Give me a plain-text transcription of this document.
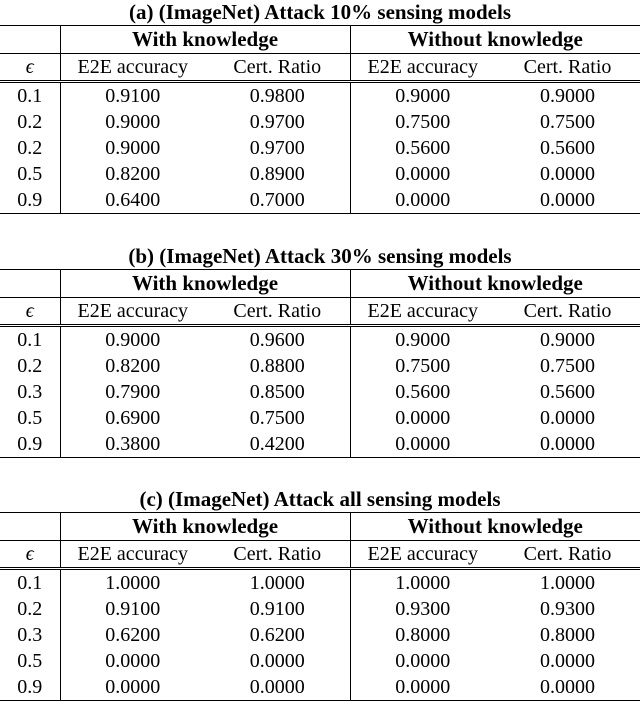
(a) (ImageNet) Attack 10% sensing models
	With knowledge		Without knowledge	
ϵ	E2E accuracy	Cert. Ratio	E2E accuracy	Cert. Ratio
0.1	0.9100	0.9800	0.9000	0.9000
0.2	0.9000	0.9700	0.7500	0.7500
0.2	0.9000	0.9700	0.5600	0.5600
0.5	0.8200	0.8900	0.0000	0.0000
0.9	0.6400	0.7000	0.0000	0.0000
(b) (ImageNet) Attack 30% sensing models
	With knowledge		Without knowledge	
ϵ	E2E accuracy	Cert. Ratio	E2E accuracy	Cert. Ratio
0.1	0.9000	0.9600	0.9000	0.9000
0.2	0.8200	0.8800	0.7500	0.7500
0.3	0.7900	0.8500	0.5600	0.5600
0.5	0.6900	0.7500	0.0000	0.0000
0.9	0.3800	0.4200	0.0000	0.0000
(c) (ImageNet) Attack all sensing models
	With knowledge		Without knowledge	
ϵ	E2E accuracy	Cert. Ratio	E2E accuracy	Cert. Ratio
0.1	1.0000	1.0000	1.0000	1.0000
0.2	0.9100	0.9100	0.9300	0.9300
0.3	0.6200	0.6200	0.8000	0.8000
0.5	0.0000	0.0000	0.0000	0.0000
0.9	0.0000	0.0000	0.0000	0.0000
